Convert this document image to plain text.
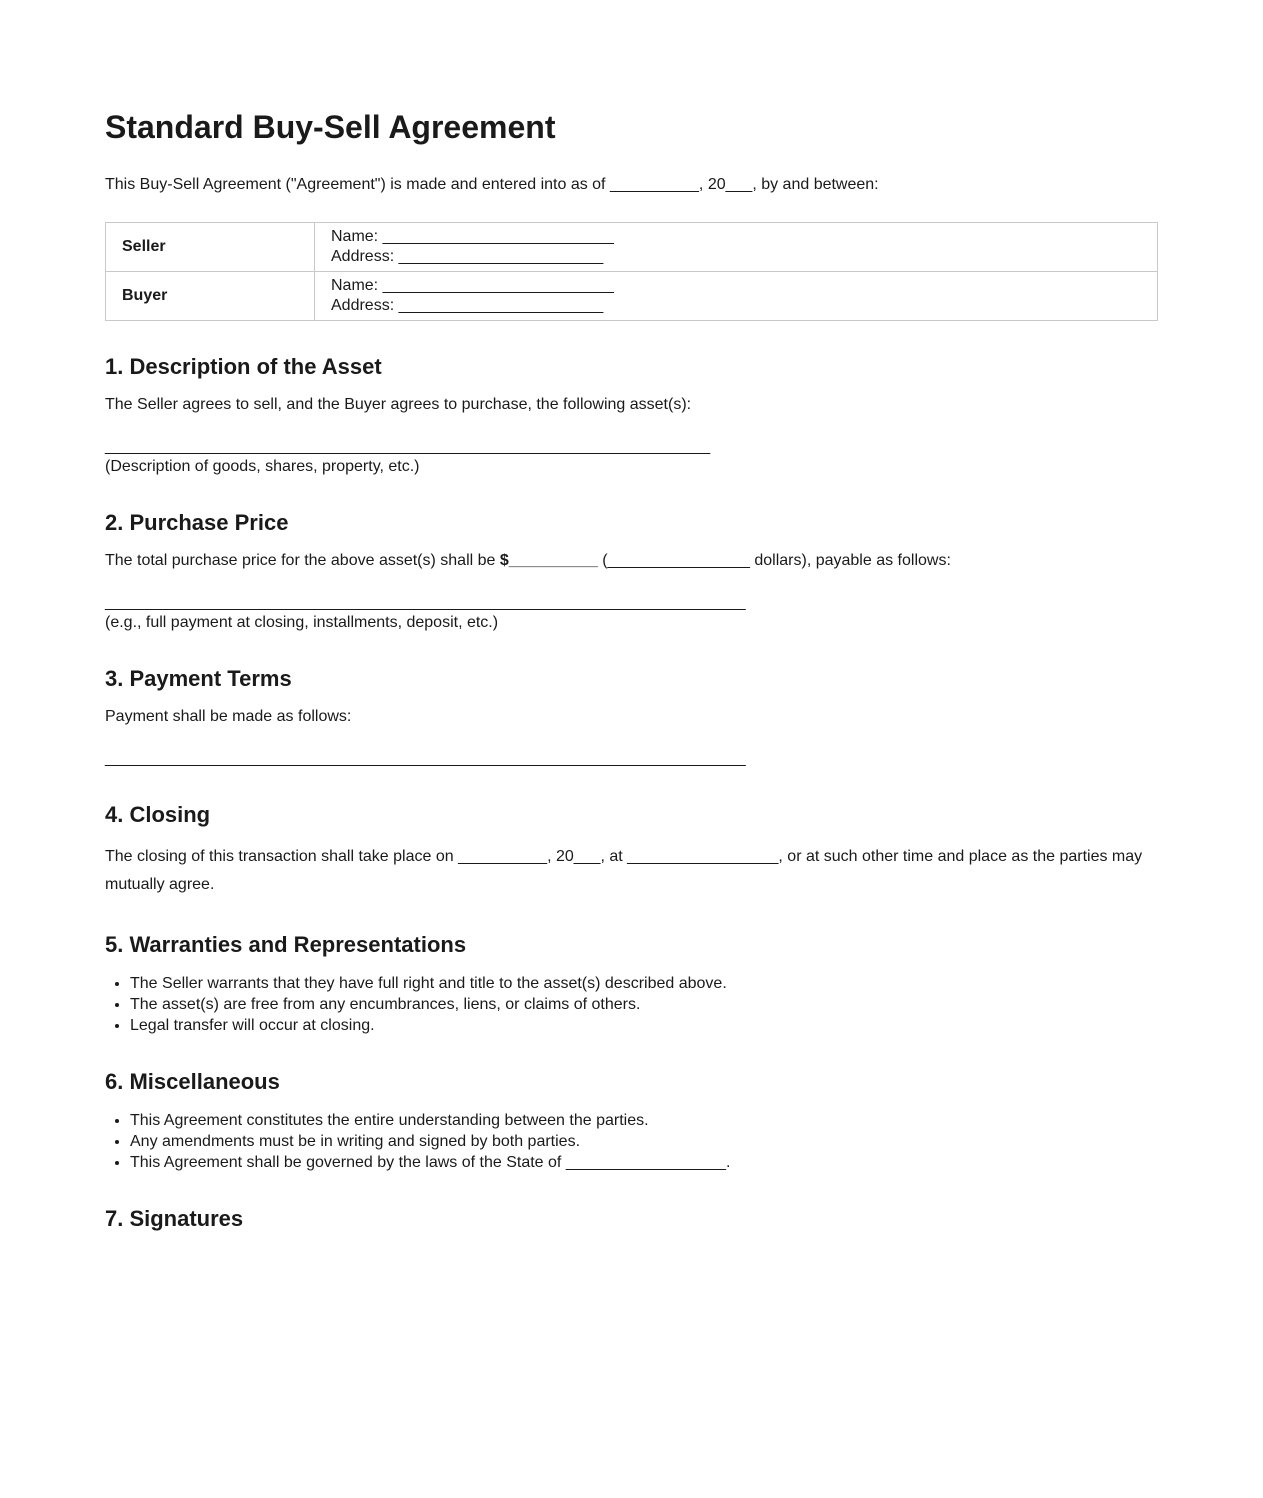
Standard Buy-Sell Agreement

This Buy-Sell Agreement ("Agreement") is made and entered into as of __________, 20___, by and between:

Seller	Name: __________________________
Address: _______________________

Buyer	Name: __________________________
Address: _______________________
1. Description of the Asset

The Seller agrees to sell, and the Buyer agrees to purchase, the following asset(s):

____________________________________________________________________

(Description of goods, shares, property, etc.)

2. Purchase Price

The total purchase price for the above asset(s) shall be $__________ (________________ dollars), payable as follows:

________________________________________________________________________

(e.g., full payment at closing, installments, deposit, etc.)

3. Payment Terms

Payment shall be made as follows:

________________________________________________________________________
4. Closing

The closing of this transaction shall take place on __________, 20___, at _________________, or at such other time and place as the parties may mutually agree.

5. Warranties and Representations
• The Seller warrants that they have full right and title to the asset(s) described above.
• The asset(s) are free from any encumbrances, liens, or claims of others.
• Legal transfer will occur at closing.
6. Miscellaneous
• This Agreement constitutes the entire understanding between the parties.
• Any amendments must be in writing and signed by both parties.
• This Agreement shall be governed by the laws of the State of __________________.
7. Signatures
